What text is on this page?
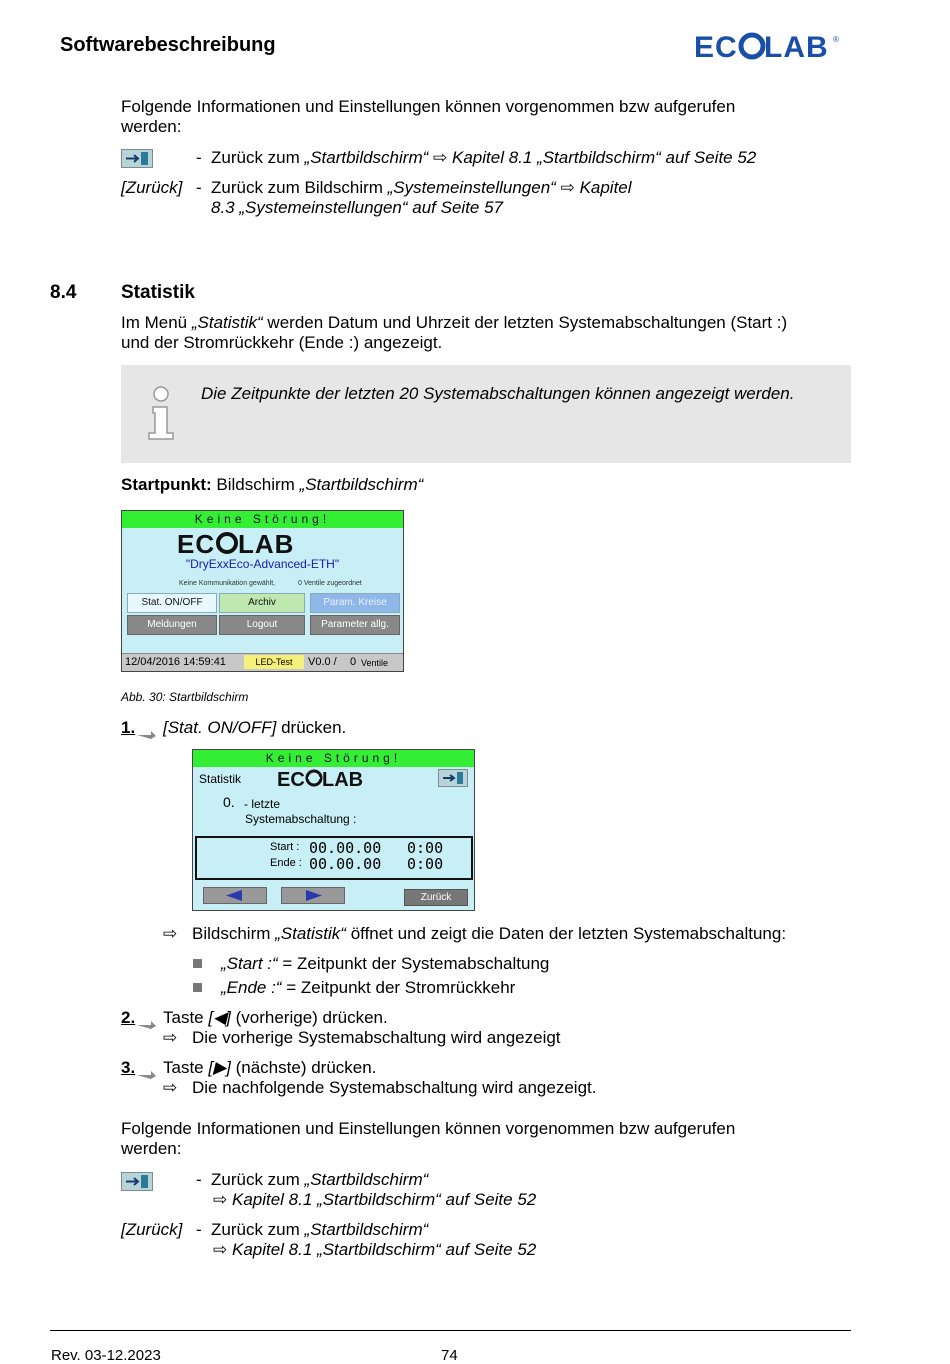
Softwarebeschreibung	EC LAB ®
Folgende Informationen und Einstellungen können vorgenommen bzw aufgerufen
werden:
- Zurück zum „Startbildschirm“ ⇨ Kapitel 8.1 „Startbildschirm“ auf Seite 52
[Zurück] - Zurück zum Bildschirm „Systemeinstellungen“ ⇨ Kapitel
8.3 „Systemeinstellungen“ auf Seite 57
8.4 Statistik
Im Menü „Statistik“ werden Datum und Uhrzeit der letzten Systemabschaltungen (Start :)
und der Stromrückkehr (Ende :) angezeigt.
Die Zeitpunkte der letzten 20 Systemabschaltungen können angezeigt werden.
Startpunkt: Bildschirm „Startbildschirm“
Keine Störung!
EC LAB
"DryExxEco-Advanced-ETH"
Keine Kommunikation gewählt,	0 Ventile zugeordnet
Stat. ON/OFF	Archiv	Param. Kreise
Meldungen	Logout	Parameter allg.
12/04/2016 14:59:41	LED-Test	V0.0 / 0 Ventile
Abb. 30: Startbildschirm
1. [Stat. ON/OFF] drücken.
Keine Störung!
Statistik EC LAB
0. - letzte
Systemabschaltung :
Start : 00.00.00 0:00
Ende : 00.00.00 0:00
Zurück
⇨ Bildschirm „Statistik“ öffnet und zeigt die Daten der letzten Systemabschaltung:
„Start :“ = Zeitpunkt der Systemabschaltung
„Ende :“ = Zeitpunkt der Stromrückkehr
2. Taste [◀] (vorherige) drücken.
⇨ Die vorherige Systemabschaltung wird angezeigt
3. Taste [▶] (nächste) drücken.
⇨ Die nachfolgende Systemabschaltung wird angezeigt.
Folgende Informationen und Einstellungen können vorgenommen bzw aufgerufen
werden:
- Zurück zum „Startbildschirm“
⇨ Kapitel 8.1 „Startbildschirm“ auf Seite 52
[Zurück] - Zurück zum „Startbildschirm“
⇨ Kapitel 8.1 „Startbildschirm“ auf Seite 52
Rev. 03-12.2023	74
